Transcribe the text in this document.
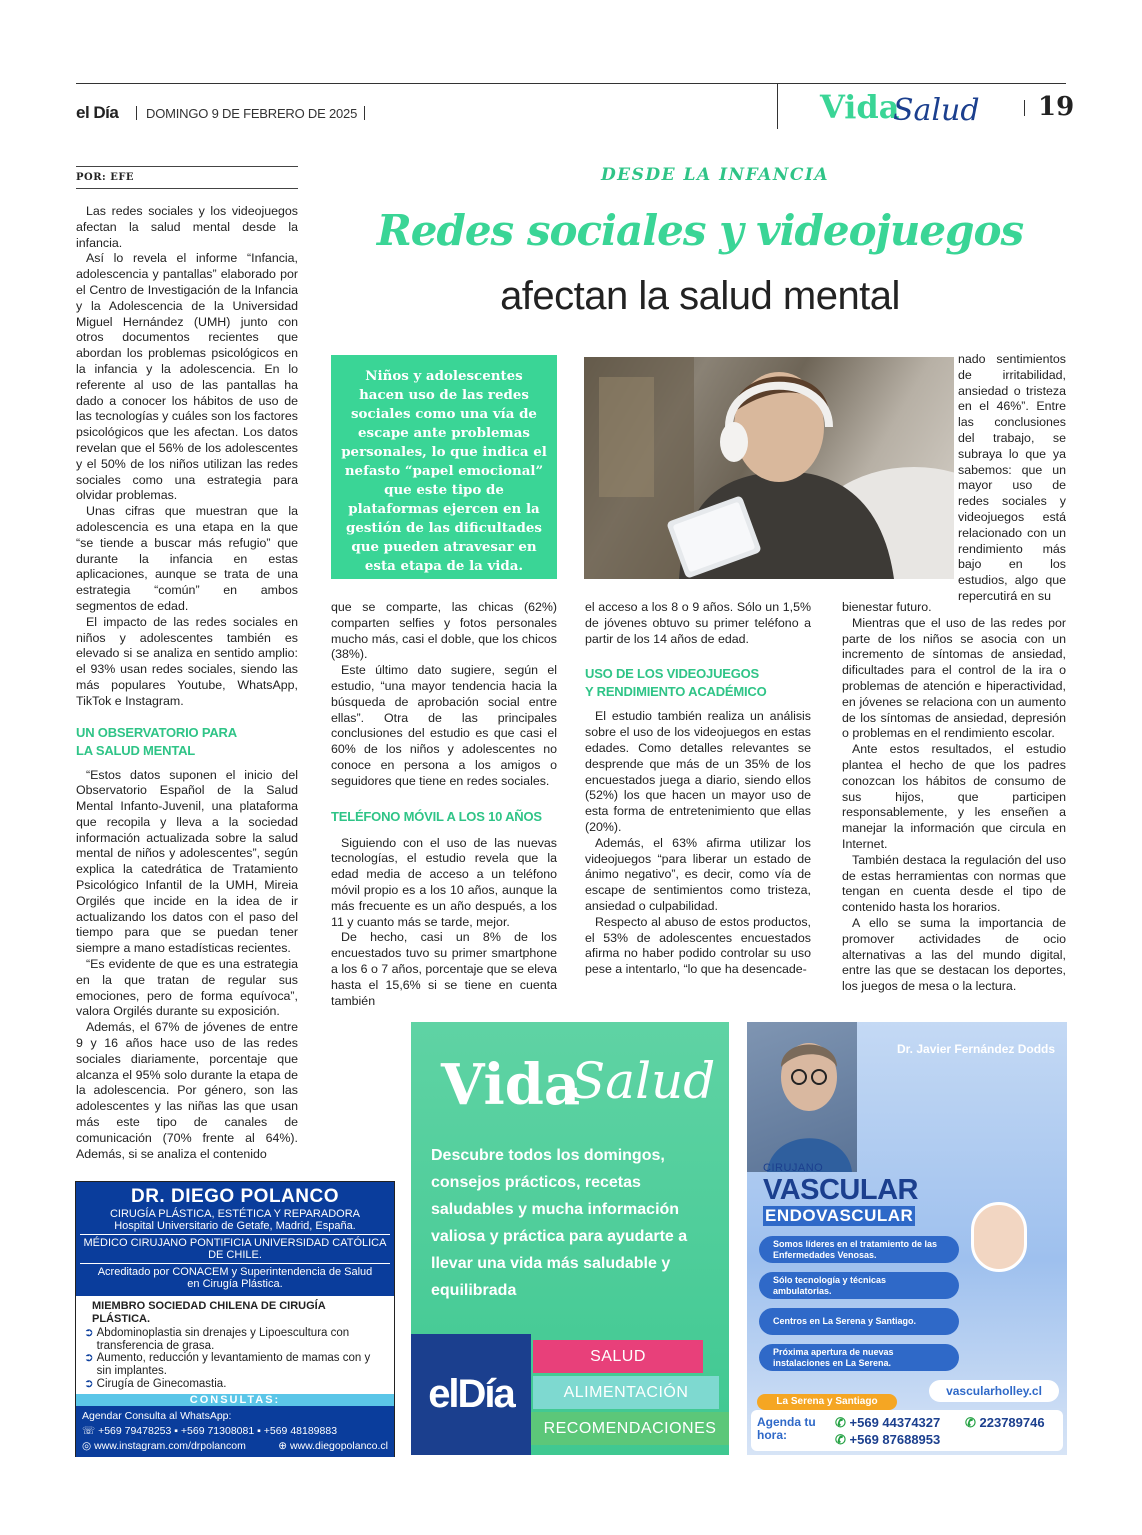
el Día DOMINGO 9 DE FEBRERO DE 2025	Vida
Salud 19
DESDE LA INFANCIA
Redes sociales y videojuegos
afectan la salud mental
POR: EFE

Las redes sociales y los videojuegos afectan la salud mental desde la infancia.

Así lo revela el informe “Infancia, adolescencia y pantallas” elaborado por el Centro de Investigación de la Infancia y la Adolescencia de la Universidad Miguel Hernández (UMH) junto con otros documentos recientes que abordan los problemas psicológicos en la infancia y la adolescencia. En lo referente al uso de las pantallas ha dado a conocer los hábitos de uso de las tecnologías y cuáles son los factores psicológicos que les afectan. Los datos revelan que el 56% de los adolescentes y el 50% de los niños utilizan las redes sociales como una estrategia para olvidar problemas.

Unas cifras que muestran que la adolescencia es una etapa en la que “se tiende a buscar más refugio” que durante la infancia en estas aplicaciones, aunque se trata de una estrategia “común” en ambos segmentos de edad.

El impacto de las redes sociales en niños y adolescentes también es elevado si se analiza en sentido amplio: el 93% usan redes sociales, siendo las más populares Youtube, WhatsApp, TikTok e Instagram.

UN OBSERVATORIO PARA
LA SALUD MENTAL

“Estos datos suponen el inicio del Observatorio Español de la Salud Mental Infanto-Juvenil, una plataforma que recopila y lleva a la sociedad información actualizada sobre la salud mental de niños y adolescentes”, según explica la catedrática de Tratamiento Psicológico Infantil de la UMH, Mireia Orgilés que incide en la idea de ir actualizando los datos con el paso del tiempo para que se puedan tener siempre a mano estadísticas recientes.

“Es evidente de que es una estrategia en la que tratan de regular sus emociones, pero de forma equívoca”, valora Orgilés durante su exposición.

Además, el 67% de jóvenes de entre 9 y 16 años hace uso de las redes sociales diariamente, porcentaje que alcanza el 95% solo durante la etapa de la adolescencia. Por género, son las adolescentes y las niñas las que usan más este tipo de canales de comunicación (70% frente al 64%). Además, si se analiza el contenido

Niños y adolescentes hacen uso de las redes sociales como una vía de escape ante problemas personales, lo que indica el nefasto “papel emocional” que este tipo de plataformas ejercen en la gestión de las dificultades que pueden atravesar en esta etapa de la vida.

que se comparte, las chicas (62%) comparten selfies y fotos personales mucho más, casi el doble, que los chicos (38%).

Este último dato sugiere, según el estudio, “una mayor tendencia hacia la búsqueda de aprobación social entre ellas”. Otra de las principales conclusiones del estudio es que casi el 60% de los niños y adolescentes no conoce en persona a los amigos o seguidores que tiene en redes sociales.

TELÉFONO MÓVIL A LOS 10 AÑOS

Siguiendo con el uso de las nuevas tecnologías, el estudio revela que la edad media de acceso a un teléfono móvil propio es a los 10 años, aunque la más frecuente es un año después, a los 11 y cuanto más se tarde, mejor.

De hecho, casi un 8% de los encuestados tuvo su primer smartphone a los 6 o 7 años, porcentaje que se eleva hasta el 15,6% si se tiene en cuenta también

el acceso a los 8 o 9 años. Sólo un 1,5% de jóvenes obtuvo su primer teléfono a partir de los 14 años de edad.

USO DE LOS VIDEOJUEGOS
Y RENDIMIENTO ACADÉMICO

El estudio también realiza un análisis sobre el uso de los videojuegos en estas edades. Como detalles relevantes se desprende que más de un 35% de los encuestados juega a diario, siendo ellos (52%) los que hacen un mayor uso de esta forma de entretenimiento que ellas (20%).

Además, el 63% afirma utilizar los videojuegos “para liberar un estado de ánimo negativo”, es decir, como vía de escape de sentimientos como tristeza, ansiedad o culpabilidad.

Respecto al abuso de estos productos, el 53% de adolescentes encuestados afirma no haber podido controlar su uso pese a intentarlo, “lo que ha desencade-

nado sentimientos de irritabilidad, ansiedad o tristeza en el 46%”. Entre las conclusiones del trabajo, se subraya lo que ya sabemos: que un mayor uso de redes sociales y videojuegos está relacionado con un rendimiento más bajo en los estudios, algo que repercutirá en su

bienestar futuro.

Mientras que el uso de las redes por parte de los niños se asocia con un incremento de síntomas de ansiedad, dificultades para el control de la ira o problemas de atención e hiperactividad, en jóvenes se relaciona con un aumento de los síntomas de ansiedad, depresión o problemas en el rendimiento escolar.

Ante estos resultados, el estudio plantea el hecho de que los padres conozcan los hábitos de consumo de sus hijos, que participen responsablemente, y les enseñen a manejar la información que circula en Internet.

También destaca la regulación del uso de estas herramientas con normas que tengan en cuenta desde el tipo de contenido hasta los horarios.

A ello se suma la importancia de promover actividades de ocio alternativas a las del mundo digital, entre las que se destacan los deportes, los juegos de mesa o la lectura.

DR. DIEGO POLANCO
CIRUGÍA PLÁSTICA, ESTÉTICA Y REPARADORA
Hospital Universitario de Getafe, Madrid, España.
MÉDICO CIRUJANO PONTIFICIA UNIVERSIDAD CATÓLICA DE CHILE.
Acreditado por CONACEM y Superintendencia de Salud
en Cirugía Plástica.
MIEMBRO SOCIEDAD CHILENA DE CIRUGÍA PLÁSTICA.
➲ Abdominoplastia sin drenajes y Lipoescultura con transferencia de grasa.
➲ Aumento, reducción y levantamiento de mamas con y sin implantes.
➲ Cirugía de Ginecomastia.
CONSULTAS:
Agendar Consulta al WhatsApp:
☏ +569 79478253 ▪ +569 71308081 ▪ +569 48189883
◎ www.instagram.com/drpolancom	⊕ www.diegopolanco.cl
Vida
Salud
Descubre todos los domingos, consejos prácticos, recetas saludables y mucha información valiosa y práctica para ayudarte a llevar una vida más saludable y equilibrada
elDía
SALUD
ALIMENTACIÓN
RECOMENDACIONES
Dr. Javier Fernández Dodds
CIRUJANO
VASCULAR
ENDOVASCULAR
Somos líderes en el tratamiento de las Enfermedades Venosas.
Sólo tecnología y técnicas ambulatorias.
Centros en La Serena y Santiago.
Próxima apertura de nuevas instalaciones en La Serena.
vascularholley.cl
La Serena y Santiago
Agenda tu hora:
✆ +569 44374327
✆ +569 87688953
✆ 223789746
